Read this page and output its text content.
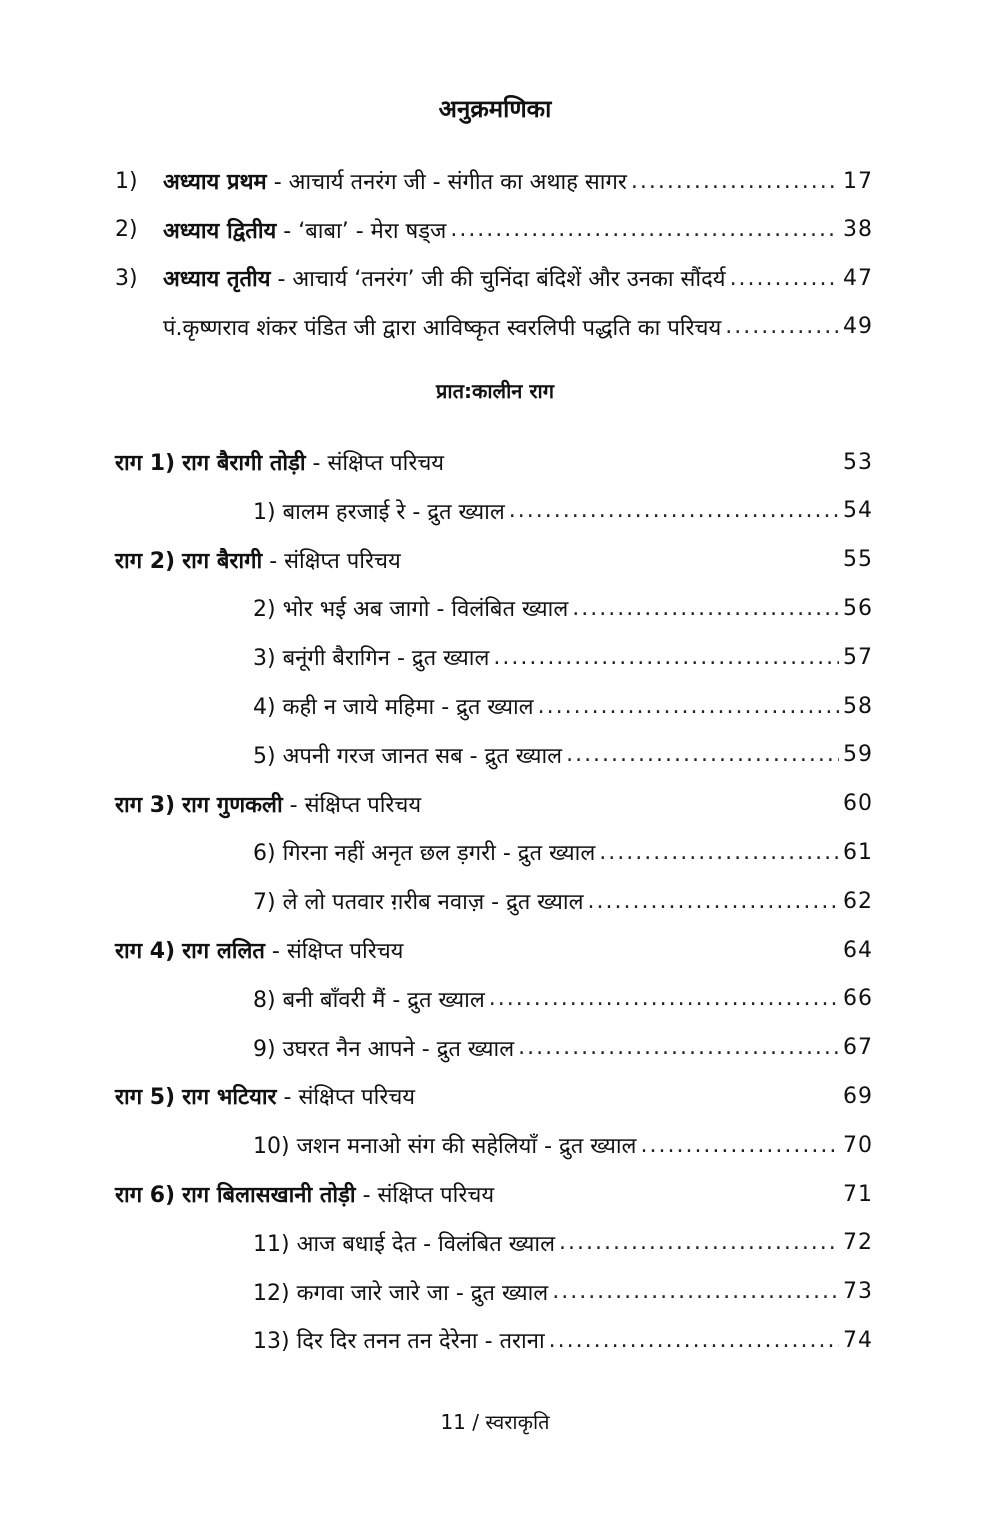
अनुक्रमणिका
1)	अध्याय प्रथम - आचार्य तनरंग जी - संगीत का अथाह सागर .....	17
2)	अध्याय द्वितीय - ‘बाबा’ - मेरा षड्ज .....	38
3)	अध्याय तृतीय - आचार्य ‘तनरंग’ जी की चुनिंदा बंदिशें और उनका सौंदर्य .....	47
पं.कृष्णराव शंकर पंडित जी द्वारा आविष्कृत स्वरलिपी पद्धति का परिचय .....	49
प्रात:कालीन राग
राग 1) राग बैरागी तोड़ी - संक्षिप्त परिचय	53
1) बालम हरजाई रे - द्रुत ख्याल .....	54
राग 2) राग बैरागी - संक्षिप्त परिचय	55
2) भोर भई अब जागो - विलंबित ख्याल .....	56
3) बनूंगी बैरागिन - द्रुत ख्याल .....	57
4) कही न जाये महिमा - द्रुत ख्याल .....	58
5) अपनी गरज जानत सब - द्रुत ख्याल .....	59
राग 3) राग गुणकली - संक्षिप्त परिचय	60
6) गिरना नहीं अनृत छल ड़गरी - द्रुत ख्याल .....	61
7) ले लो पतवार ग़रीब नवाज़ - द्रुत ख्याल .....	62
राग 4) राग ललित - संक्षिप्त परिचय	64
8) बनी बाँवरी मैं - द्रुत ख्याल .....	66
9) उघरत नैन आपने - द्रुत ख्याल .....	67
राग 5) राग भटियार - संक्षिप्त परिचय	69
10) जशन मनाओ संग की सहेलियाँ - द्रुत ख्याल .....	70
राग 6) राग बिलासखानी तोड़ी - संक्षिप्त परिचय	71
11) आज बधाई देत - विलंबित ख्याल .....	72
12) कगवा जारे जारे जा - द्रुत ख्याल .....	73
13) दिर दिर तनन तन देरेना - तराना .....	74
11 / स्वराकृति
